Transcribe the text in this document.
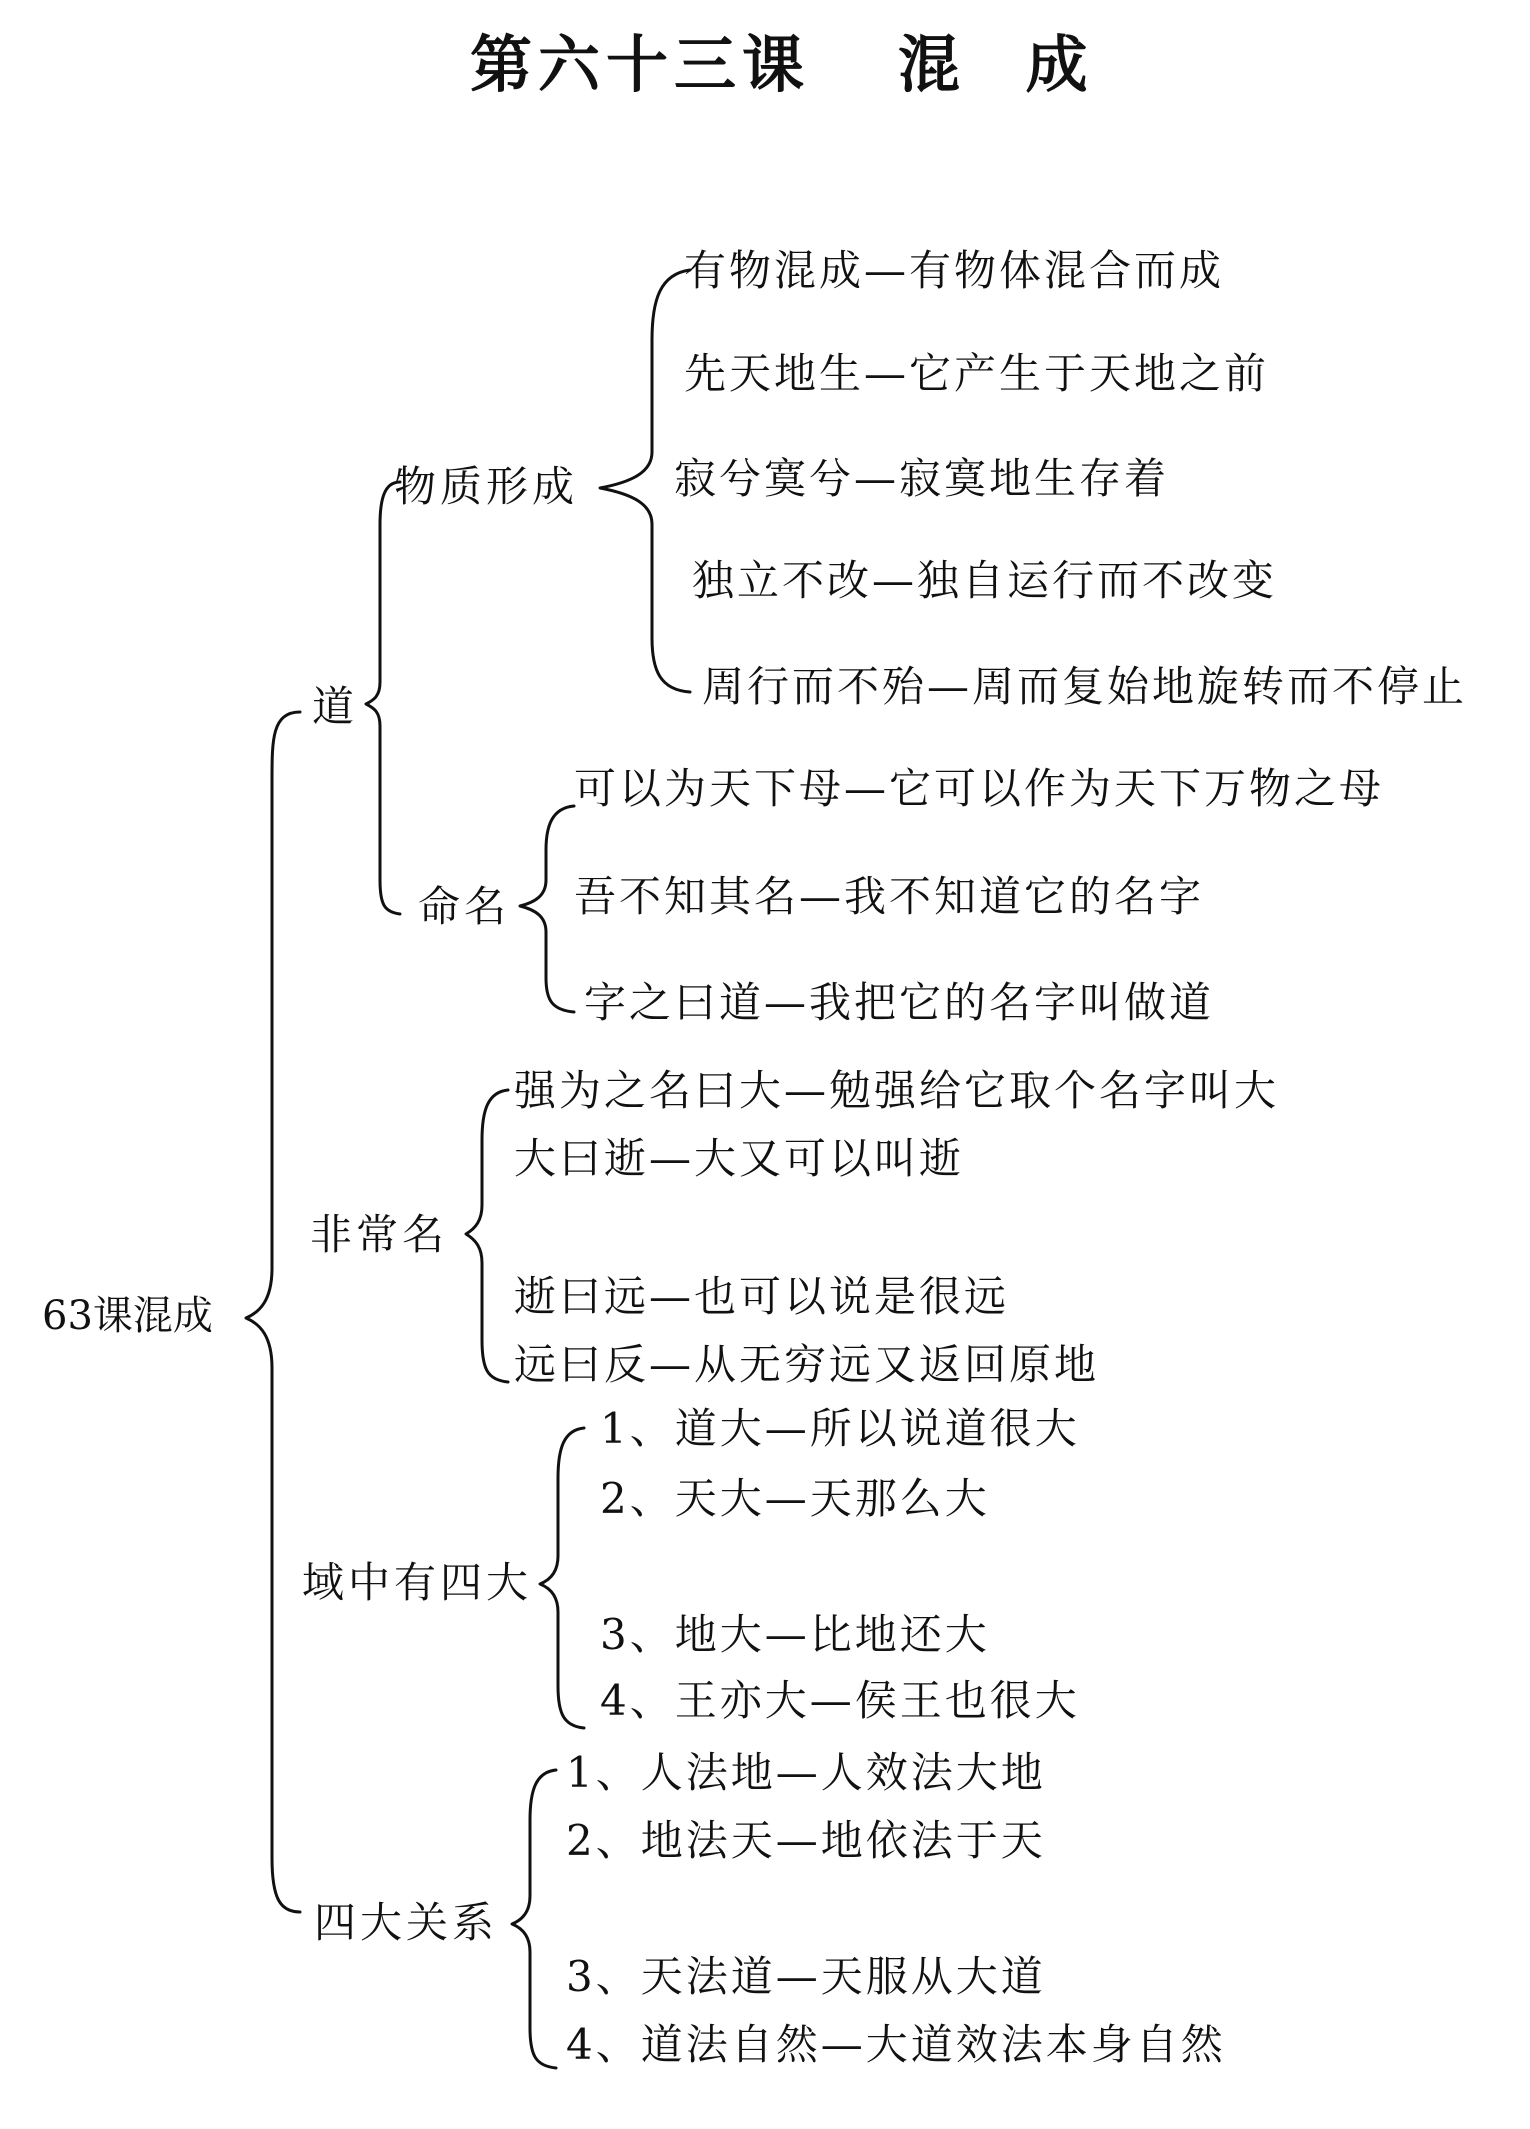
第六十三课 混 成
63课混成
道
物质形成
有物混成—有物体混合而成
先天地生—它产生于天地之前
寂兮寞兮—寂寞地生存着
独立不改—独自运行而不改变
周行而不殆—周而复始地旋转而不停止
命名
可以为天下母—它可以作为天下万物之母
吾不知其名—我不知道它的名字
字之曰道—我把它的名字叫做道
非常名
强为之名曰大—勉强给它取个名字叫大
大曰逝—大又可以叫逝
逝曰远—也可以说是很远
远曰反—从无穷远又返回原地
域中有四大
1、道大—所以说道很大
2、天大—天那么大
3、地大—比地还大
4、王亦大—侯王也很大
四大关系
1、人法地—人效法大地
2、地法天—地依法于天
3、天法道—天服从大道
4、道法自然—大道效法本身自然
